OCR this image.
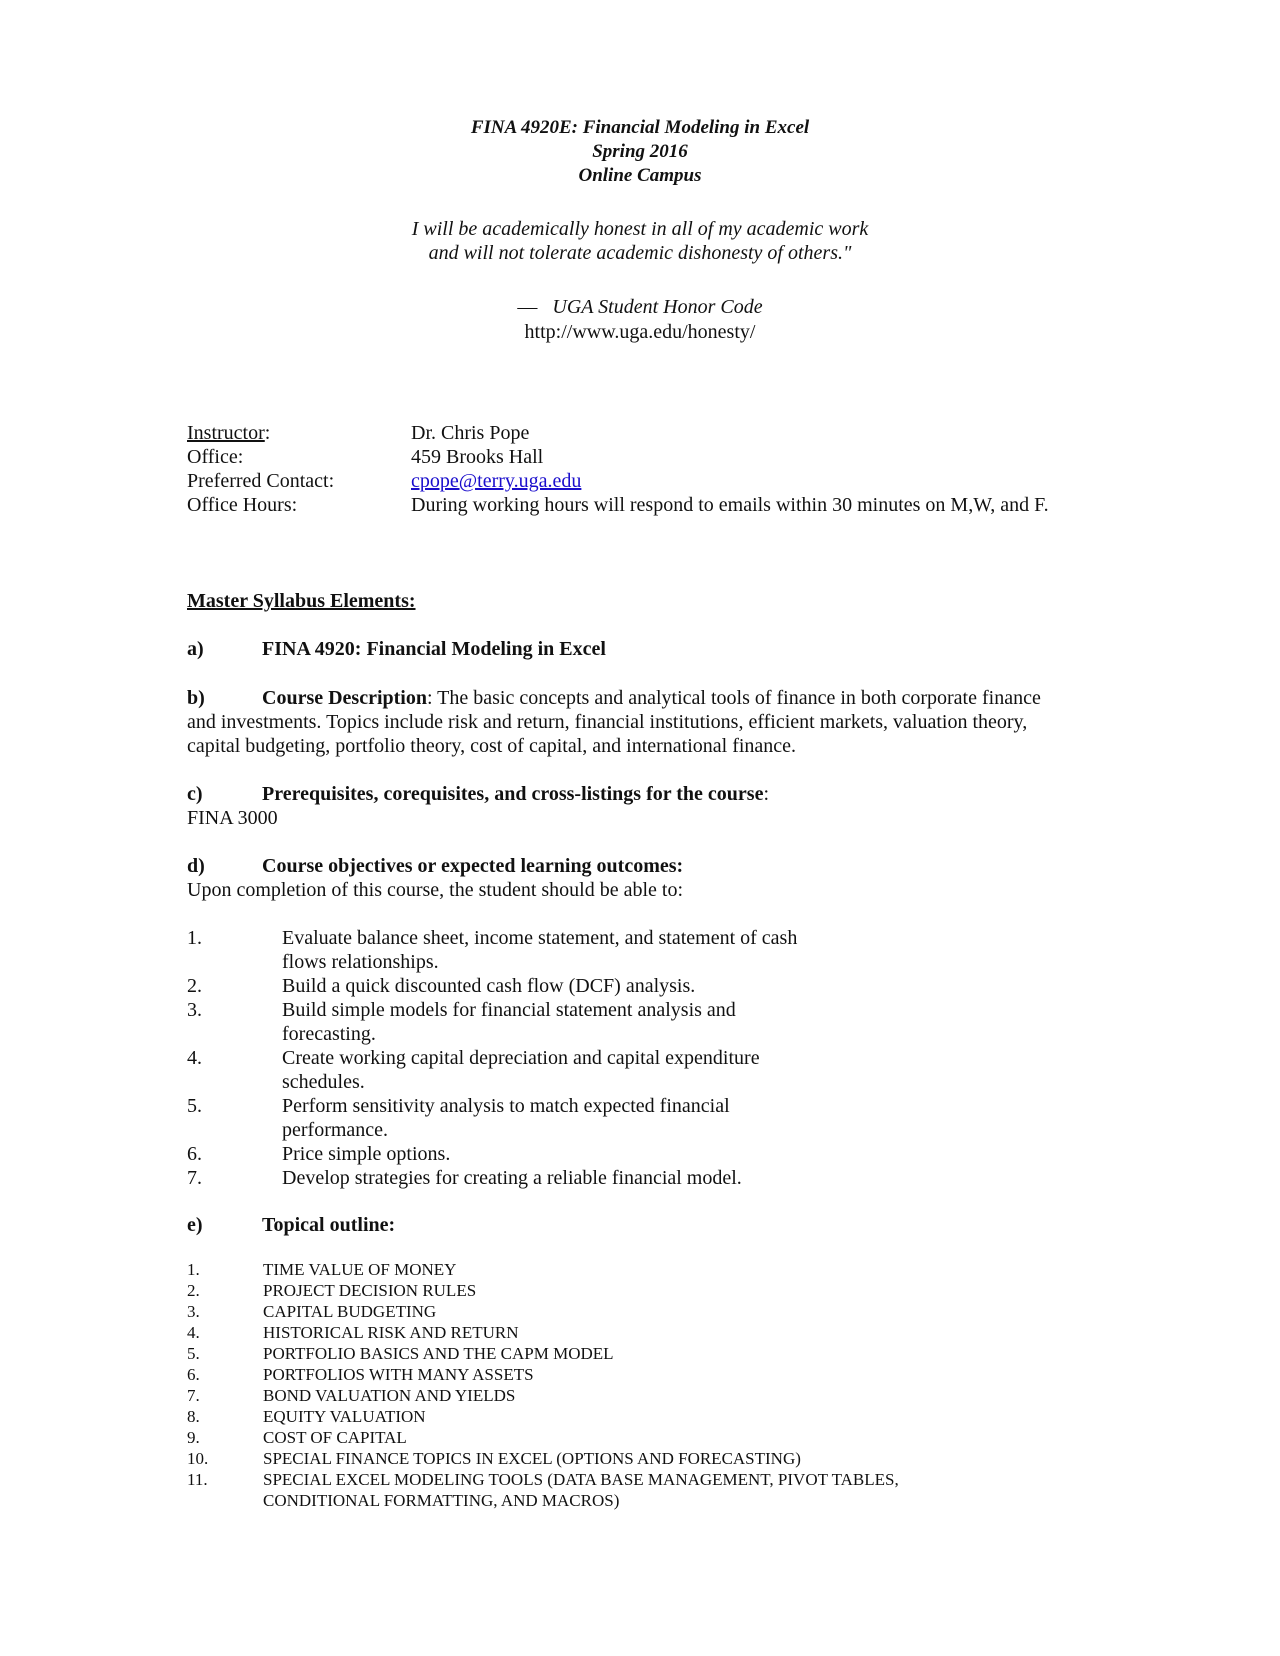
FINA 4920E: Financial Modeling in Excel
Spring 2016
Online Campus
I will be academically honest in all of my academic work
and will not tolerate academic dishonesty of others."
— UGA Student Honor Code
http://www.uga.edu/honesty/
Instructor:	Dr. Chris Pope
Office:	459 Brooks Hall
Preferred Contact:	cpope@terry.uga.edu
Office Hours:	During working hours will respond to emails within 30 minutes on M,W, and F.
Master Syllabus Elements:
a)	FINA 4920: Financial Modeling in Excel
b)	Course Description: The basic concepts and analytical tools of finance in both corporate finance
and investments. Topics include risk and return, financial institutions, efficient markets, valuation theory,
capital budgeting, portfolio theory, cost of capital, and international finance.
c)	Prerequisites, corequisites, and cross-listings for the course:
FINA 3000
d)	Course objectives or expected learning outcomes:
Upon completion of this course, the student should be able to:
1.	Evaluate balance sheet, income statement, and statement of cash flows relationships.
2.	Build a quick discounted cash flow (DCF) analysis.
3.	Build simple models for financial statement analysis and forecasting.
4.	Create working capital depreciation and capital expenditure schedules.
5.	Perform sensitivity analysis to match expected financial performance.
6.	Price simple options.
7.	Develop strategies for creating a reliable financial model.
e)	Topical outline:
1.	TIME VALUE OF MONEY
2.	PROJECT DECISION RULES
3.	CAPITAL BUDGETING
4.	HISTORICAL RISK AND RETURN
5.	PORTFOLIO BASICS AND THE CAPM MODEL
6.	PORTFOLIOS WITH MANY ASSETS
7.	BOND VALUATION AND YIELDS
8.	EQUITY VALUATION
9.	COST OF CAPITAL
10.	SPECIAL FINANCE TOPICS IN EXCEL (OPTIONS AND FORECASTING)
11.	SPECIAL EXCEL MODELING TOOLS (DATA BASE MANAGEMENT, PIVOT TABLES,
CONDITIONAL FORMATTING, AND MACROS)
